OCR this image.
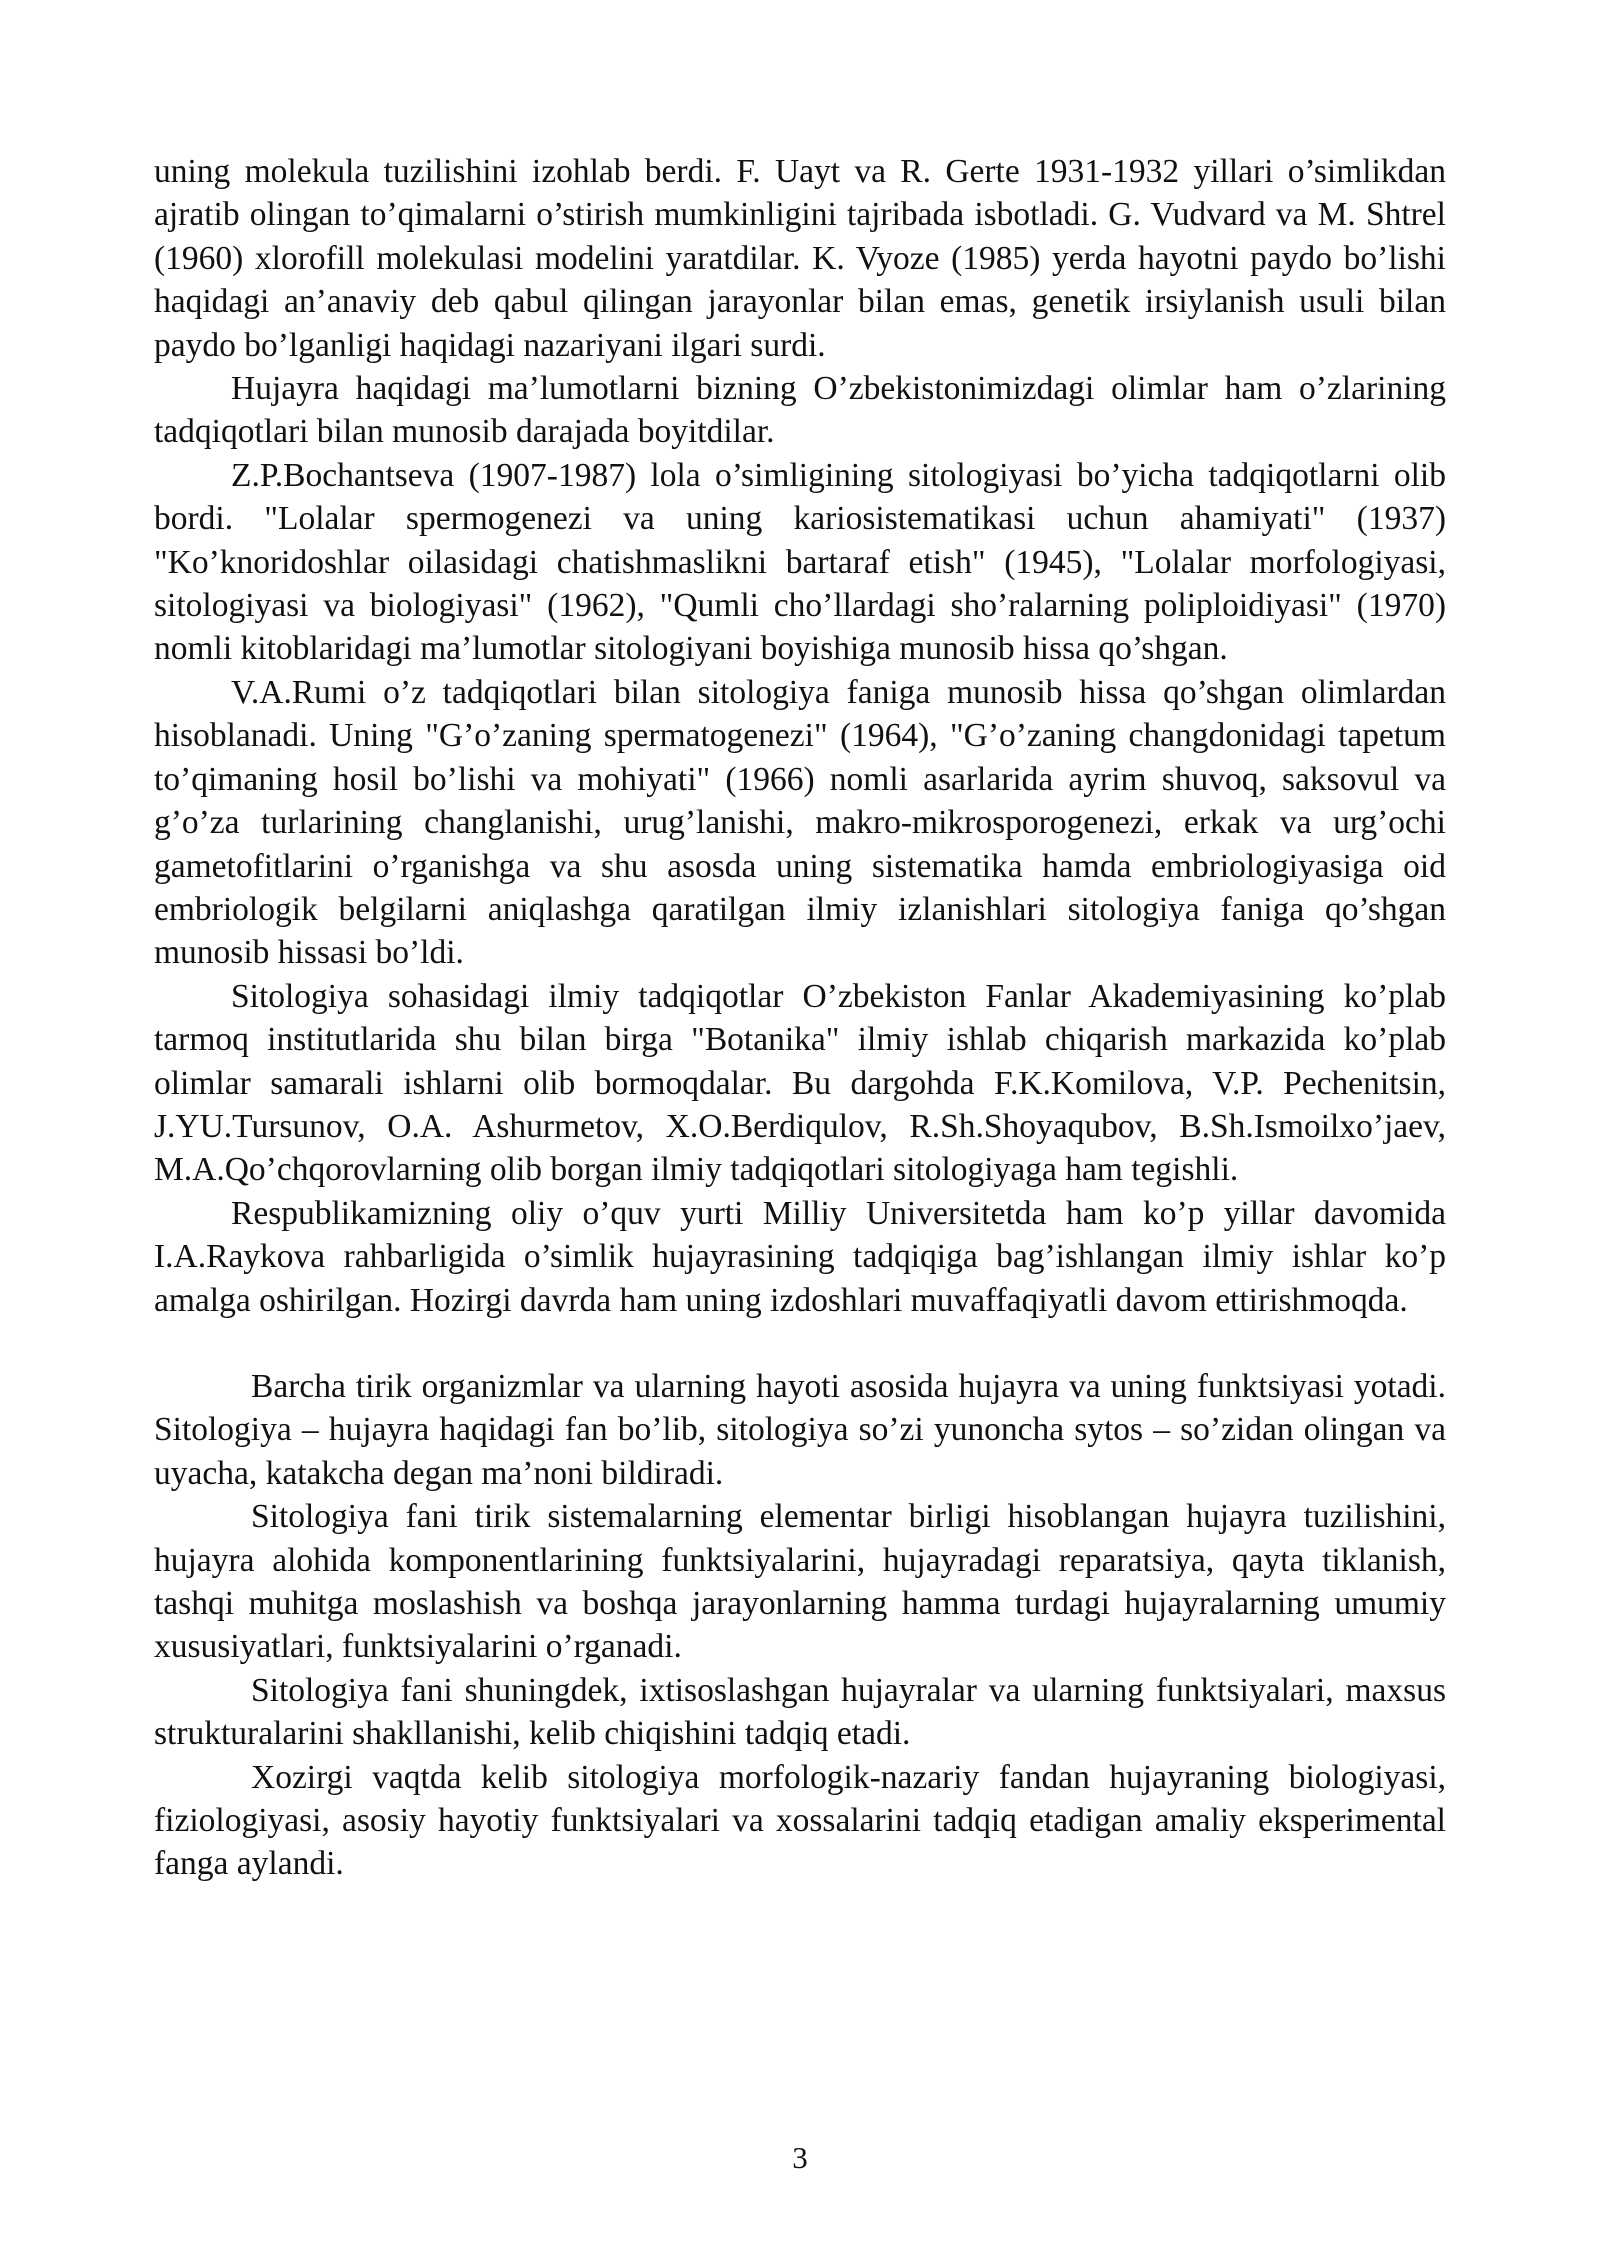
uning molekula tuzilishini izohlab berdi. F. Uayt va R. Gerte 1931-1932 yillari o’simlikdan ajratib olingan to’qimalarni o’stirish mumkinligini tajribada isbotladi. G. Vudvard va M. Shtrel (1960) xlorofill molekulasi modelini yaratdilar. K. Vyoze (1985) yerda hayotni paydo bo’lishi haqidagi an’anaviy deb qabul qilingan jarayonlar bilan emas, genetik irsiylanish usuli bilan paydo bo’lganligi haqidagi nazariyani ilgari surdi.

Hujayra haqidagi ma’lumotlarni bizning O’zbekistonimizdagi olimlar ham o’zlarining tadqiqotlari bilan munosib darajada boyitdilar.

Z.P.Bochantseva (1907-1987) lola o’simligining sitologiyasi bo’yicha tadqiqotlarni olib bordi. "Lolalar spermogenezi va uning kariosistematikasi uchun ahamiyati" (1937) "Ko’knoridoshlar oilasidagi chatishmaslikni bartaraf etish" (1945), "Lolalar morfologiyasi, sitologiyasi va biologiyasi" (1962), "Qumli cho’llardagi sho’ralarning poliploidiyasi" (1970) nomli kitoblaridagi ma’lumotlar sitologiyani boyishiga munosib hissa qo’shgan.

V.A.Rumi o’z tadqiqotlari bilan sitologiya faniga munosib hissa qo’shgan olimlardan hisoblanadi. Uning "G’o’zaning spermatogenezi" (1964), "G’o’zaning changdonidagi tapetum to’qimaning hosil bo’lishi va mohiyati" (1966) nomli asarlarida ayrim shuvoq, saksovul va g’o’za turlarining changlanishi, urug’lanishi, makro-mikrosporogenezi, erkak va urg’ochi gametofitlarini o’rganishga va shu asosda uning sistematika hamda embriologiyasiga oid embriologik belgilarni aniqlashga qaratilgan ilmiy izlanishlari sitologiya faniga qo’shgan munosib hissasi bo’ldi.

Sitologiya sohasidagi ilmiy tadqiqotlar O’zbekiston Fanlar Akademiyasining ko’plab tarmoq institutlarida shu bilan birga "Botanika" ilmiy ishlab chiqarish markazida ko’plab olimlar samarali ishlarni olib bormoqdalar. Bu dargohda F.K.Komilova, V.P. Pechenitsin, J.YU.Tursunov, O.A. Ashurmetov, X.O.Berdiqulov, R.Sh.Shoyaqubov, B.Sh.Ismoilxo’jaev, M.A.Qo’chqorovlarning olib borgan ilmiy tadqiqotlari sitologiyaga ham tegishli.

Respublikamizning oliy o’quv yurti Milliy Universitetda ham ko’p yillar davomida I.A.Raykova rahbarligida o’simlik hujayrasining tadqiqiga bag’ishlangan ilmiy ishlar ko’p amalga oshirilgan. Hozirgi davrda ham uning izdoshlari muvaffaqiyatli davom ettirishmoqda.

Barcha tirik organizmlar va ularning hayoti asosida hujayra va uning funktsiyasi yotadi. Sitologiya – hujayra haqidagi fan bo’lib, sitologiya so’zi yunoncha sytos – so’zidan olingan va uyacha, katakcha degan ma’noni bildiradi.

Sitologiya fani tirik sistemalarning elementar birligi hisoblangan hujayra tuzilishini, hujayra alohida komponentlarining funktsiyalarini, hujayradagi reparatsiya, qayta tiklanish, tashqi muhitga moslashish va boshqa jarayonlarning hamma turdagi hujayralarning umumiy xususiyatlari, funktsiyalarini o’rganadi.

Sitologiya fani shuningdek, ixtisoslashgan hujayralar va ularning funktsiyalari, maxsus strukturalarini shakllanishi, kelib chiqishini tadqiq etadi.

Xozirgi vaqtda kelib sitologiya morfologik-nazariy fandan hujayraning biologiyasi, fiziologiyasi, asosiy hayotiy funktsiyalari va xossalarini tadqiq etadigan amaliy eksperimental fanga aylandi.

3
